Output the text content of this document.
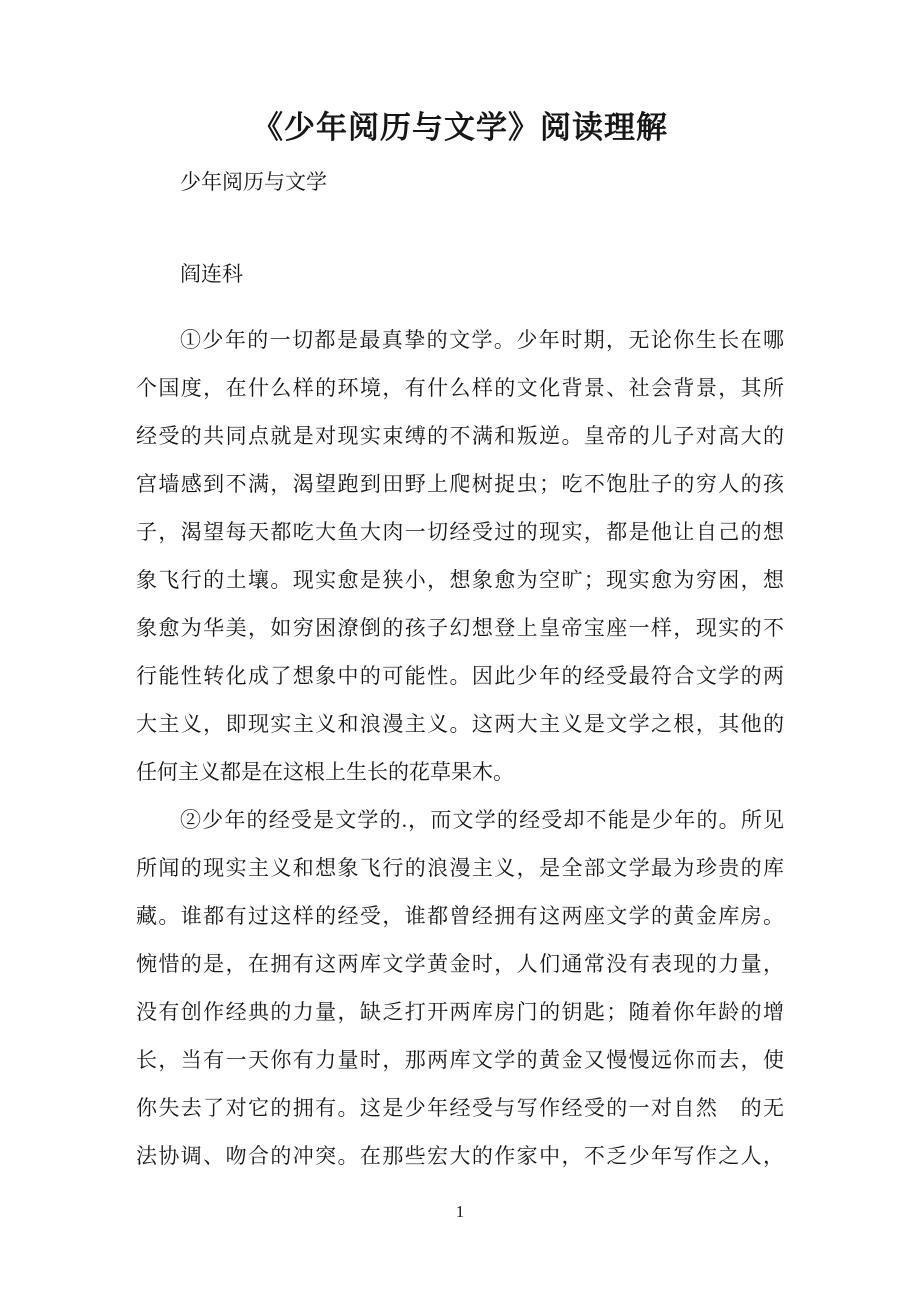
《少年阅历与文学》阅读理解
少年阅历与文学
阎连科
①少年的一切都是最真挚的文学。少年时期，无论你生长在哪
个国度，在什么样的环境，有什么样的文化背景、社会背景，其所
经受的共同点就是对现实束缚的不满和叛逆。皇帝的儿子对高大的
宫墙感到不满，渴望跑到田野上爬树捉虫；吃不饱肚子的穷人的孩
子，渴望每天都吃大鱼大肉一切经受过的现实，都是他让自己的想
象飞行的土壤。现实愈是狭小，想象愈为空旷；现实愈为穷困，想
象愈为华美，如穷困潦倒的孩子幻想登上皇帝宝座一样，现实的不
行能性转化成了想象中的可能性。因此少年的经受最符合文学的两
大主义，即现实主义和浪漫主义。这两大主义是文学之根，其他的
任何主义都是在这根上生长的花草果木。
②少年的经受是文学的.，而文学的经受却不能是少年的。所见
所闻的现实主义和想象飞行的浪漫主义，是全部文学最为珍贵的库
藏。谁都有过这样的经受，谁都曾经拥有这两座文学的黄金库房。
惋惜的是，在拥有这两库文学黄金时，人们通常没有表现的力量，
没有创作经典的力量，缺乏打开两库房门的钥匙；随着你年龄的增
长，当有一天你有力量时，那两库文学的黄金又慢慢远你而去，使
你失去了对它的拥有。这是少年经受与写作经受的一对自然　的无
法协调、吻合的冲突。在那些宏大的作家中，不乏少年写作之人，
1
